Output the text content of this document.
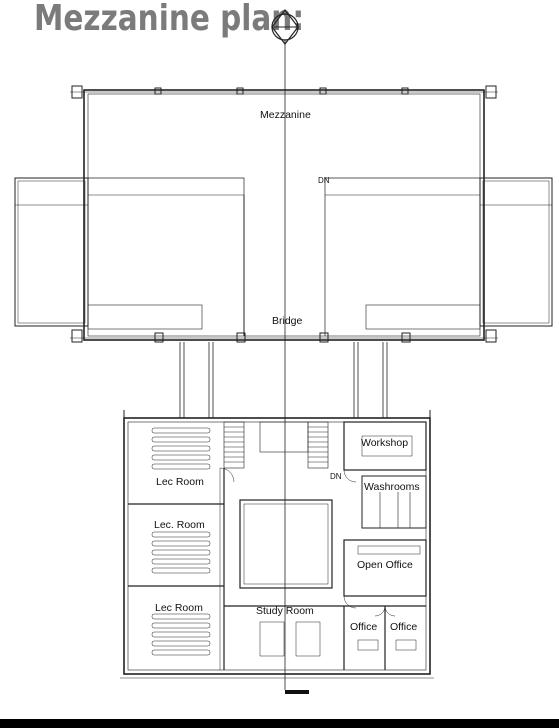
Mezzanine plan:
Mezzanine
DN
Bridge
Lec Room
Lec. Room
Lec Room
Workshop
DN
Washrooms
Open Office
Study Room
Office Office
